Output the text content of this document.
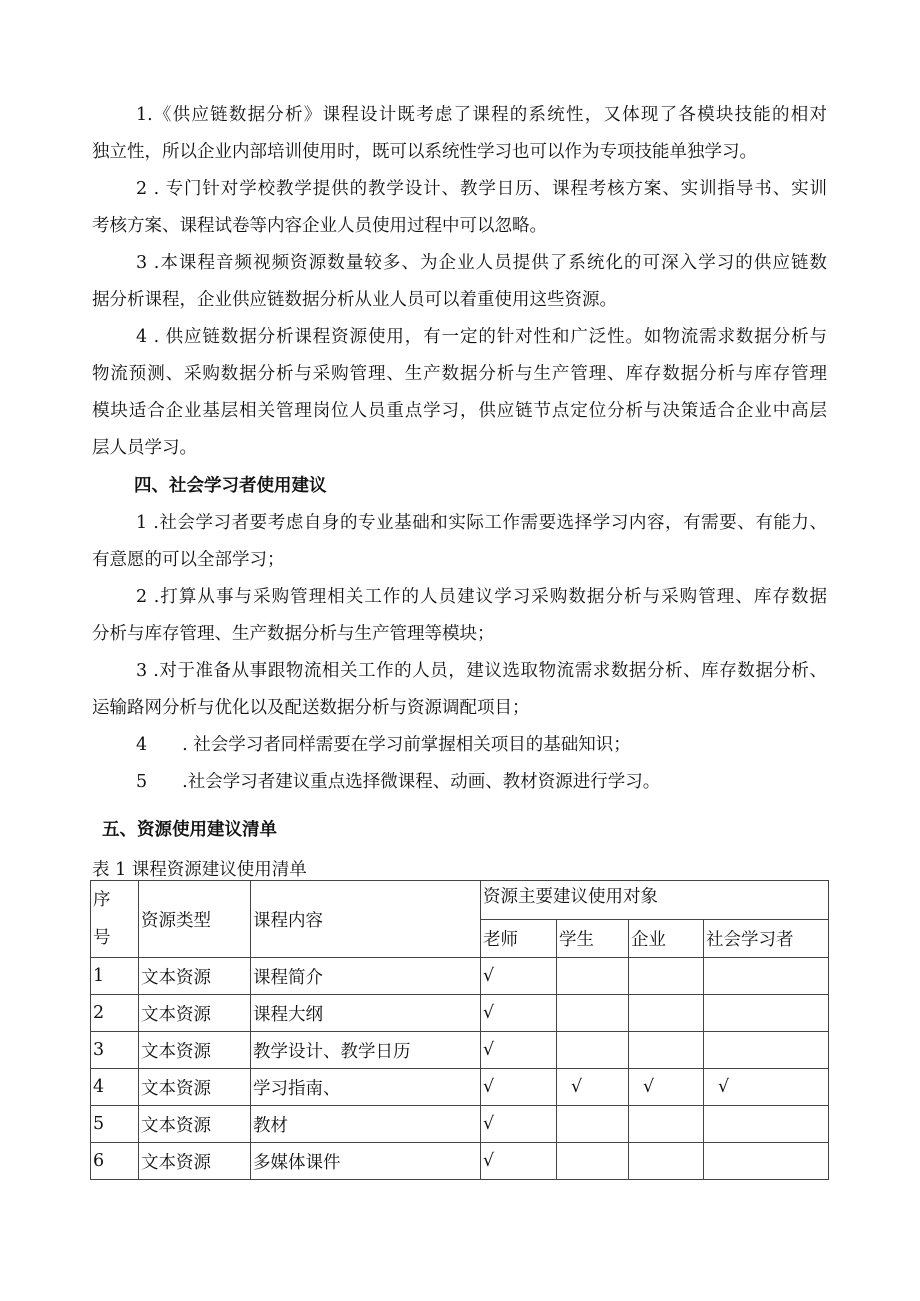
1.《供应链数据分析》课程设计既考虑了课程的系统性，又体现了各模块技能的相对
独立性，所以企业内部培训使用时，既可以系统性学习也可以作为专项技能单独学习。
2 . 专门针对学校教学提供的教学设计、教学日历、课程考核方案、实训指导书、实训
考核方案、课程试卷等内容企业人员使用过程中可以忽略。
3 .本课程音频视频资源数量较多、为企业人员提供了系统化的可深入学习的供应链数
据分析课程，企业供应链数据分析从业人员可以着重使用这些资源。
4 . 供应链数据分析课程资源使用，有一定的针对性和广泛性。如物流需求数据分析与
物流预测、采购数据分析与采购管理、生产数据分析与生产管理、库存数据分析与库存管理
模块适合企业基层相关管理岗位人员重点学习，供应链节点定位分析与决策适合企业中高层
层人员学习。
四、社会学习者使用建议
1 .社会学习者要考虑自身的专业基础和实际工作需要选择学习内容，有需要、有能力、
有意愿的可以全部学习；
2 .打算从事与采购管理相关工作的人员建议学习采购数据分析与采购管理、库存数据
分析与库存管理、生产数据分析与生产管理等模块；
3 .对于准备从事跟物流相关工作的人员，建议选取物流需求数据分析、库存数据分析、
运输路网分析与优化以及配送数据分析与资源调配项目；
4　　. 社会学习者同样需要在学习前掌握相关项目的基础知识；
5　　.社会学习者建议重点选择微课程、动画、教材资源进行学习。
五、资源使用建议清单
表 1 课程资源建议使用清单
序
号	资源类型	课程内容	资源主要建议使用对象			
			老师	学生	企业	社会学习者
1	文本资源	课程简介	√			
2	文本资源	课程大纲	√			
3	文本资源	教学设计、教学日历	√			
4	文本资源	学习指南、	√	√	√	√
5	文本资源	教材	√			
6	文本资源	多媒体课件	√			
